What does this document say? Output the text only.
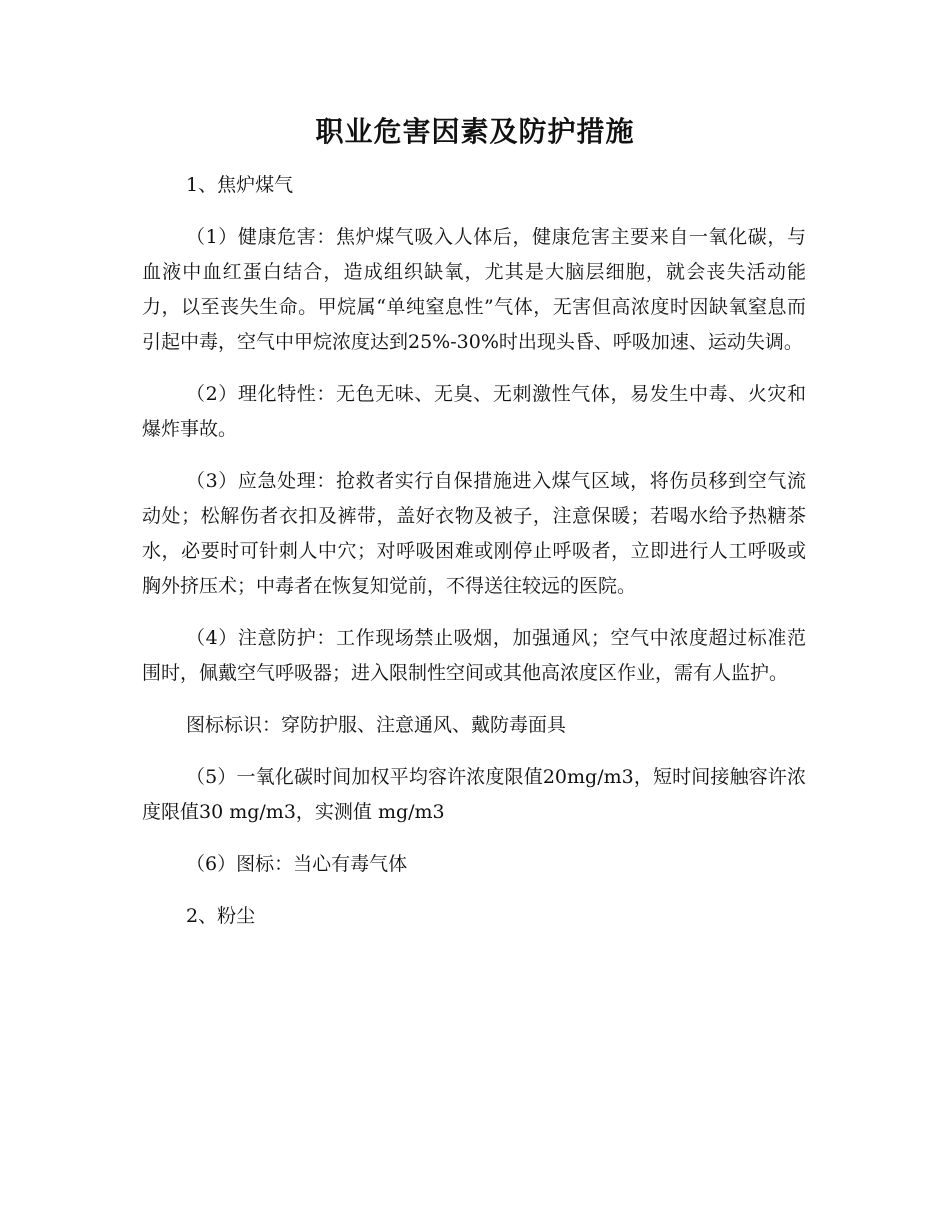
职业危害因素及防护措施
1、焦炉煤气

（1）健康危害：焦炉煤气吸入人体后，健康危害主要来自一氧化碳，与血液中血红蛋白结合，造成组织缺氧，尤其是大脑层细胞，就会丧失活动能力，以至丧失生命。甲烷属“单纯窒息性”气体，无害但高浓度时因缺氧窒息而引起中毒，空气中甲烷浓度达到25%-30%时出现头昏、呼吸加速、运动失调。

（2）理化特性：无色无味、无臭、无刺激性气体，易发生中毒、火灾和爆炸事故。

（3）应急处理：抢救者实行自保措施进入煤气区域，将伤员移到空气流动处；松解伤者衣扣及裤带，盖好衣物及被子，注意保暖；若喝水给予热糖茶水，必要时可针刺人中穴；对呼吸困难或刚停止呼吸者，立即进行人工呼吸或胸外挤压术；中毒者在恢复知觉前，不得送往较远的医院。

（4）注意防护：工作现场禁止吸烟，加强通风；空气中浓度超过标准范围时，佩戴空气呼吸器；进入限制性空间或其他高浓度区作业，需有人监护。

图标标识：穿防护服、注意通风、戴防毒面具

（5）一氧化碳时间加权平均容许浓度限值20mg/m3，短时间接触容许浓度限值30 mg/m3，实测值 mg/m3

（6）图标：当心有毒气体

2、粉尘
